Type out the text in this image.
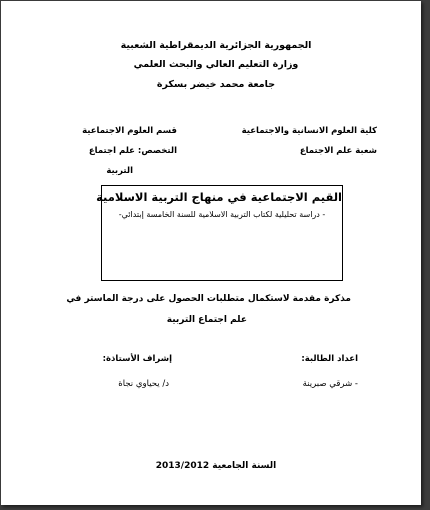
الجمهورية الجزائرية الديمقراطية الشعبية
وزارة التعليم العالي والبحث العلمي
جامعة محمد خيضر بسكرة
كلية العلوم الانسانية والاجتماعية
قسم العلوم الاجتماعية
شعبة علم الاجتماع
التخصص: علم اجتماع
التربية
القيم الاجتماعية في منهاج التربية الاسلامية
- دراسة تحليلية لكتاب التربية الاسلامية للسنة الخامسة إبتدائي-
مذكرة مقدمة لاستكمال متطلبات الحصول على درجة الماستر في
علم اجتماع التربية
اعداد الطالبة:
إشراف الأستاذة:
- شرقي صبرينة
د/ يحياوي نجاة
السنة الجامعية 2013/2012
